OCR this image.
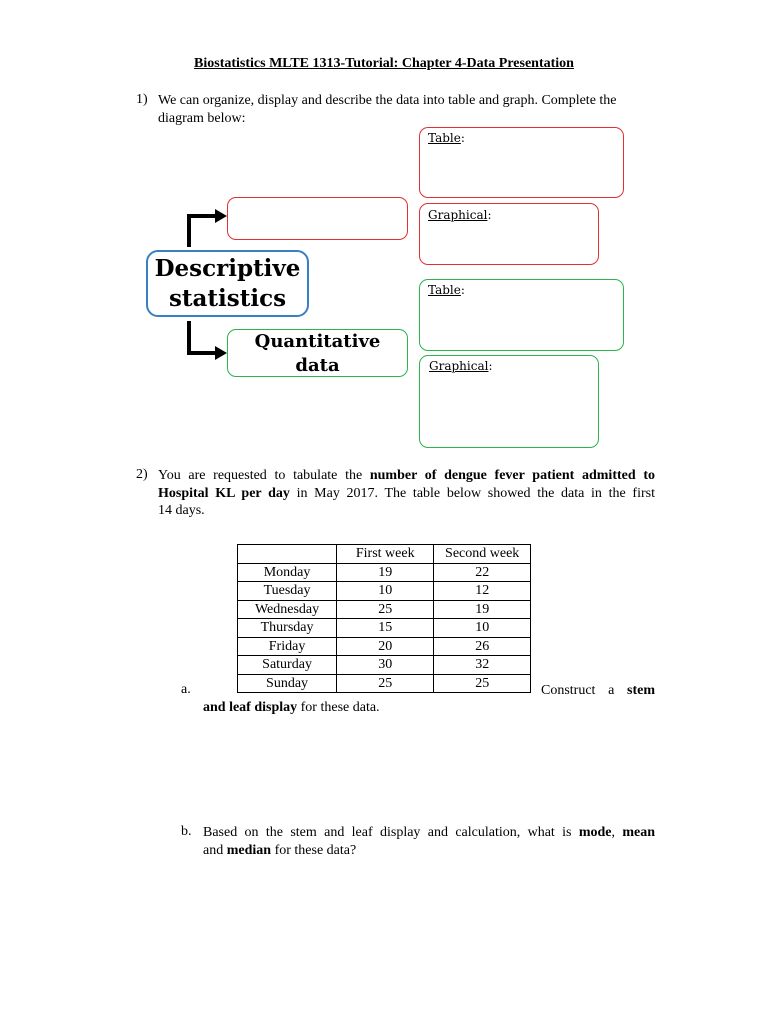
Biostatistics MLTE 1313-Tutorial: Chapter 4-Data Presentation
1) We can organize, display and describe the data into table and graph. Complete the
diagram below:
Descriptive
statistics
Quantitative
data
Table:
Graphical:
Table:
Graphical:
2) You are requested to tabulate the number of dengue fever patient admitted to
Hospital KL per day in May 2017. The table below showed the data in the first
14 days.
	First week	Second week
Monday	19	22
Tuesday	10	12
Wednesday	25	19
Thursday	15	10
Friday	20	26
Saturday	30	32
Sunday	25	25
a.	Construct a stem
and leaf display for these data.
b. Based on the stem and leaf display and calculation, what is mode, mean
and median for these data?
